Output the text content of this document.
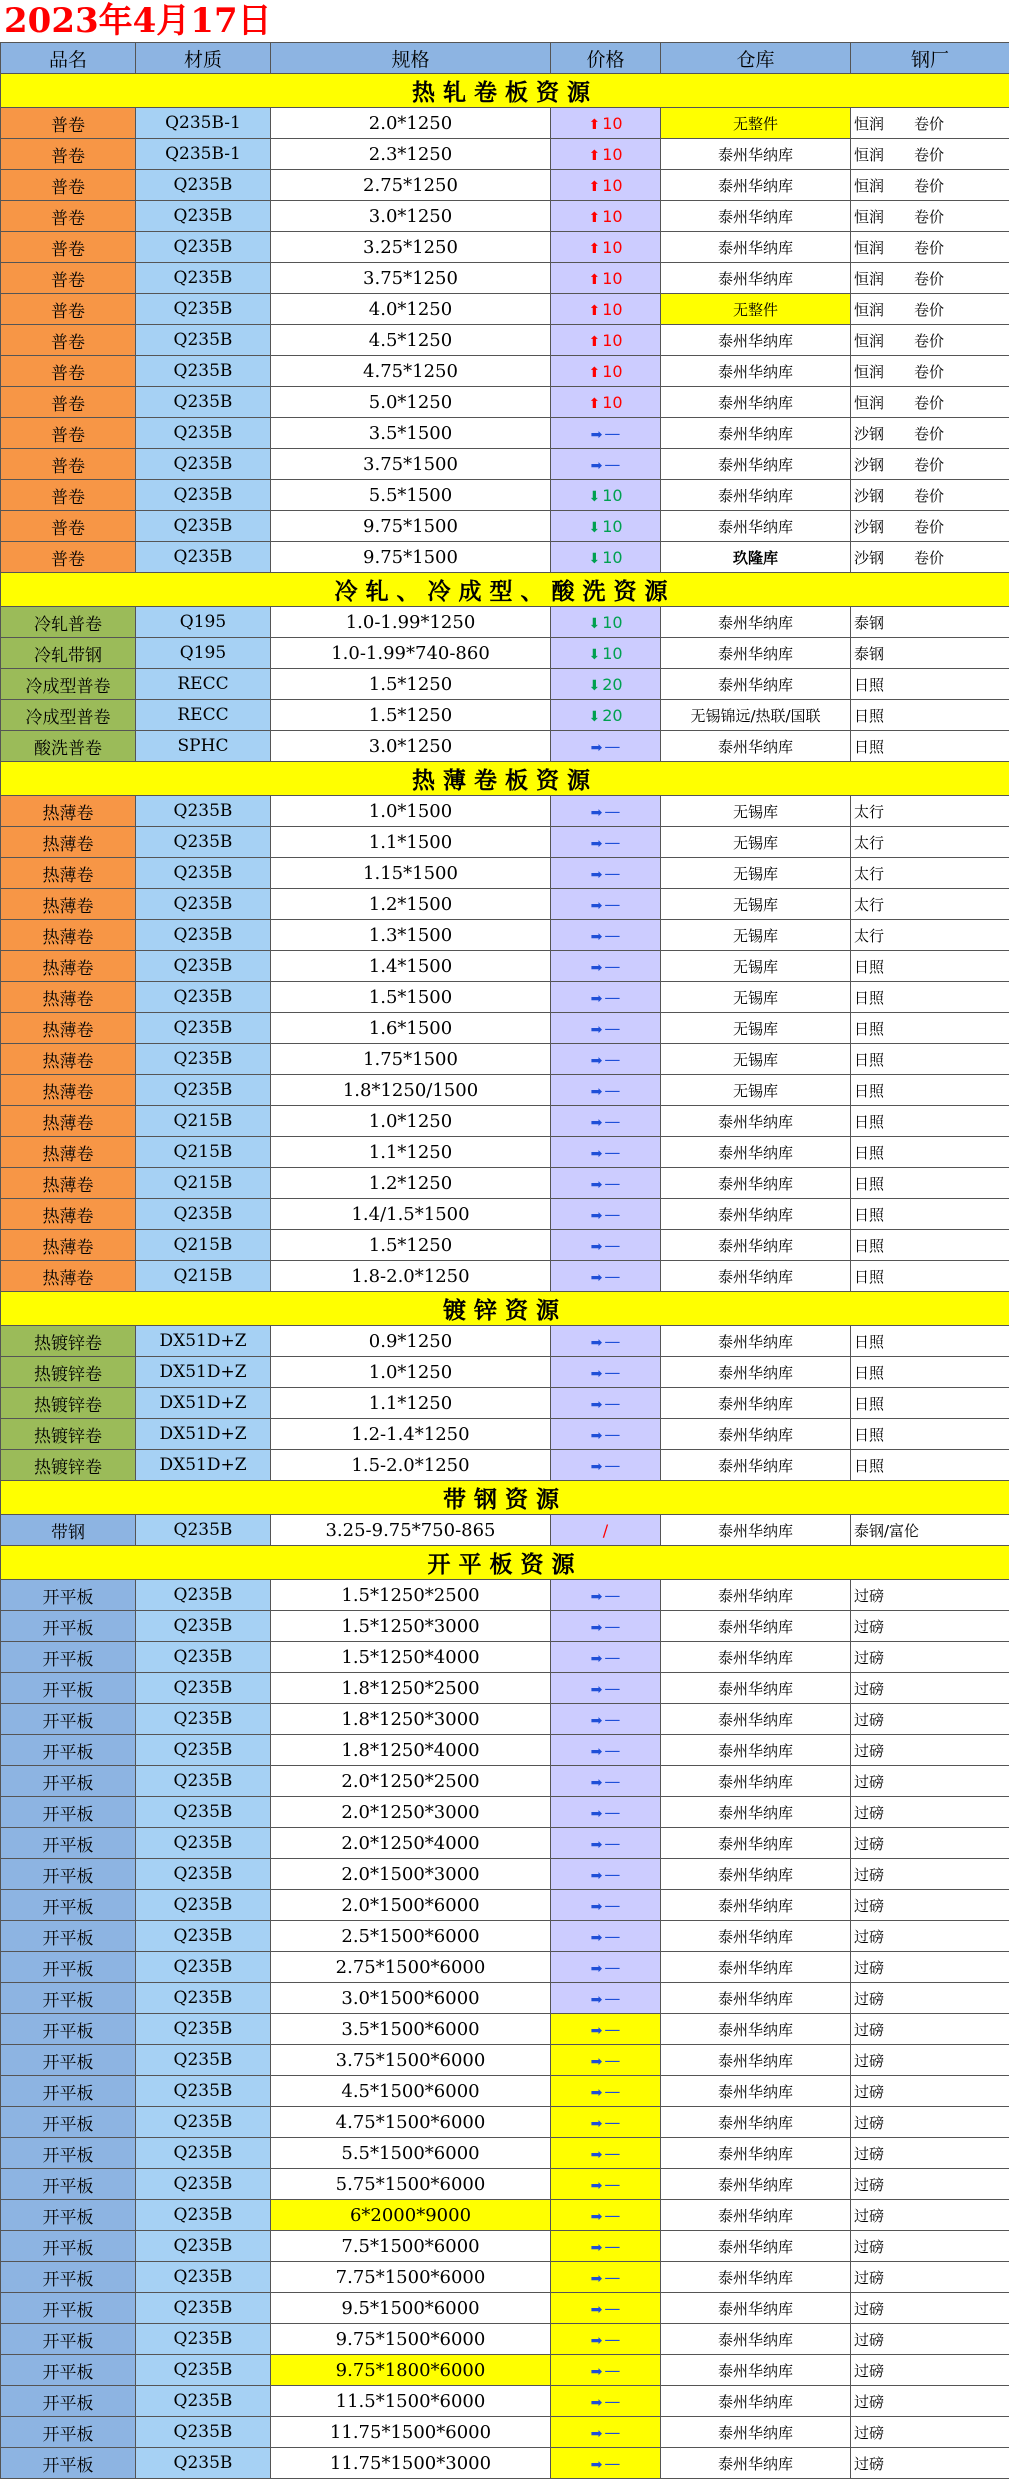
2023年4月17日
品名	材质	规格	价格	仓库	钢厂
热轧卷板资源					
普卷	Q235B-1	2.0*1250	⬆ 10	无整件	恒润　　卷价
普卷	Q235B-1	2.3*1250	⬆ 10	泰州华纳库	恒润　　卷价
普卷	Q235B	2.75*1250	⬆ 10	泰州华纳库	恒润　　卷价
普卷	Q235B	3.0*1250	⬆ 10	泰州华纳库	恒润　　卷价
普卷	Q235B	3.25*1250	⬆ 10	泰州华纳库	恒润　　卷价
普卷	Q235B	3.75*1250	⬆ 10	泰州华纳库	恒润　　卷价
普卷	Q235B	4.0*1250	⬆ 10	无整件	恒润　　卷价
普卷	Q235B	4.5*1250	⬆ 10	泰州华纳库	恒润　　卷价
普卷	Q235B	4.75*1250	⬆ 10	泰州华纳库	恒润　　卷价
普卷	Q235B	5.0*1250	⬆ 10	泰州华纳库	恒润　　卷价
普卷	Q235B	3.5*1500	➡ —	泰州华纳库	沙钢　　卷价
普卷	Q235B	3.75*1500	➡ —	泰州华纳库	沙钢　　卷价
普卷	Q235B	5.5*1500	⬇ 10	泰州华纳库	沙钢　　卷价
普卷	Q235B	9.75*1500	⬇ 10	泰州华纳库	沙钢　　卷价
普卷	Q235B	9.75*1500	⬇ 10	玖隆库	沙钢　　卷价
冷轧、冷成型、酸洗资源					
冷轧普卷	Q195	1.0-1.99*1250	⬇ 10	泰州华纳库	泰钢
冷轧带钢	Q195	1.0-1.99*740-860	⬇ 10	泰州华纳库	泰钢
冷成型普卷	RECC	1.5*1250	⬇ 20	泰州华纳库	日照
冷成型普卷	RECC	1.5*1250	⬇ 20	无锡锦远/热联/国联	日照
酸洗普卷	SPHC	3.0*1250	➡ —	泰州华纳库	日照
热薄卷板资源					
热薄卷	Q235B	1.0*1500	➡ —	无锡库	太行
热薄卷	Q235B	1.1*1500	➡ —	无锡库	太行
热薄卷	Q235B	1.15*1500	➡ —	无锡库	太行
热薄卷	Q235B	1.2*1500	➡ —	无锡库	太行
热薄卷	Q235B	1.3*1500	➡ —	无锡库	太行
热薄卷	Q235B	1.4*1500	➡ —	无锡库	日照
热薄卷	Q235B	1.5*1500	➡ —	无锡库	日照
热薄卷	Q235B	1.6*1500	➡ —	无锡库	日照
热薄卷	Q235B	1.75*1500	➡ —	无锡库	日照
热薄卷	Q235B	1.8*1250/1500	➡ —	无锡库	日照
热薄卷	Q215B	1.0*1250	➡ —	泰州华纳库	日照
热薄卷	Q215B	1.1*1250	➡ —	泰州华纳库	日照
热薄卷	Q215B	1.2*1250	➡ —	泰州华纳库	日照
热薄卷	Q235B	1.4/1.5*1500	➡ —	泰州华纳库	日照
热薄卷	Q215B	1.5*1250	➡ —	泰州华纳库	日照
热薄卷	Q215B	1.8-2.0*1250	➡ —	泰州华纳库	日照
镀锌资源					
热镀锌卷	DX51D+Z	0.9*1250	➡ —	泰州华纳库	日照
热镀锌卷	DX51D+Z	1.0*1250	➡ —	泰州华纳库	日照
热镀锌卷	DX51D+Z	1.1*1250	➡ —	泰州华纳库	日照
热镀锌卷	DX51D+Z	1.2-1.4*1250	➡ —	泰州华纳库	日照
热镀锌卷	DX51D+Z	1.5-2.0*1250	➡ —	泰州华纳库	日照
带钢资源					
带钢	Q235B	3.25-9.75*750-865	/	泰州华纳库	泰钢/富伦
开平板资源					
开平板	Q235B	1.5*1250*2500	➡ —	泰州华纳库	过磅
开平板	Q235B	1.5*1250*3000	➡ —	泰州华纳库	过磅
开平板	Q235B	1.5*1250*4000	➡ —	泰州华纳库	过磅
开平板	Q235B	1.8*1250*2500	➡ —	泰州华纳库	过磅
开平板	Q235B	1.8*1250*3000	➡ —	泰州华纳库	过磅
开平板	Q235B	1.8*1250*4000	➡ —	泰州华纳库	过磅
开平板	Q235B	2.0*1250*2500	➡ —	泰州华纳库	过磅
开平板	Q235B	2.0*1250*3000	➡ —	泰州华纳库	过磅
开平板	Q235B	2.0*1250*4000	➡ —	泰州华纳库	过磅
开平板	Q235B	2.0*1500*3000	➡ —	泰州华纳库	过磅
开平板	Q235B	2.0*1500*6000	➡ —	泰州华纳库	过磅
开平板	Q235B	2.5*1500*6000	➡ —	泰州华纳库	过磅
开平板	Q235B	2.75*1500*6000	➡ —	泰州华纳库	过磅
开平板	Q235B	3.0*1500*6000	➡ —	泰州华纳库	过磅
开平板	Q235B	3.5*1500*6000	➡ —	泰州华纳库	过磅
开平板	Q235B	3.75*1500*6000	➡ —	泰州华纳库	过磅
开平板	Q235B	4.5*1500*6000	➡ —	泰州华纳库	过磅
开平板	Q235B	4.75*1500*6000	➡ —	泰州华纳库	过磅
开平板	Q235B	5.5*1500*6000	➡ —	泰州华纳库	过磅
开平板	Q235B	5.75*1500*6000	➡ —	泰州华纳库	过磅
开平板	Q235B	6*2000*9000	➡ —	泰州华纳库	过磅
开平板	Q235B	7.5*1500*6000	➡ —	泰州华纳库	过磅
开平板	Q235B	7.75*1500*6000	➡ —	泰州华纳库	过磅
开平板	Q235B	9.5*1500*6000	➡ —	泰州华纳库	过磅
开平板	Q235B	9.75*1500*6000	➡ —	泰州华纳库	过磅
开平板	Q235B	9.75*1800*6000	➡ —	泰州华纳库	过磅
开平板	Q235B	11.5*1500*6000	➡ —	泰州华纳库	过磅
开平板	Q235B	11.75*1500*6000	➡ —	泰州华纳库	过磅
开平板	Q235B	11.75*1500*3000	➡ —	泰州华纳库	过磅
